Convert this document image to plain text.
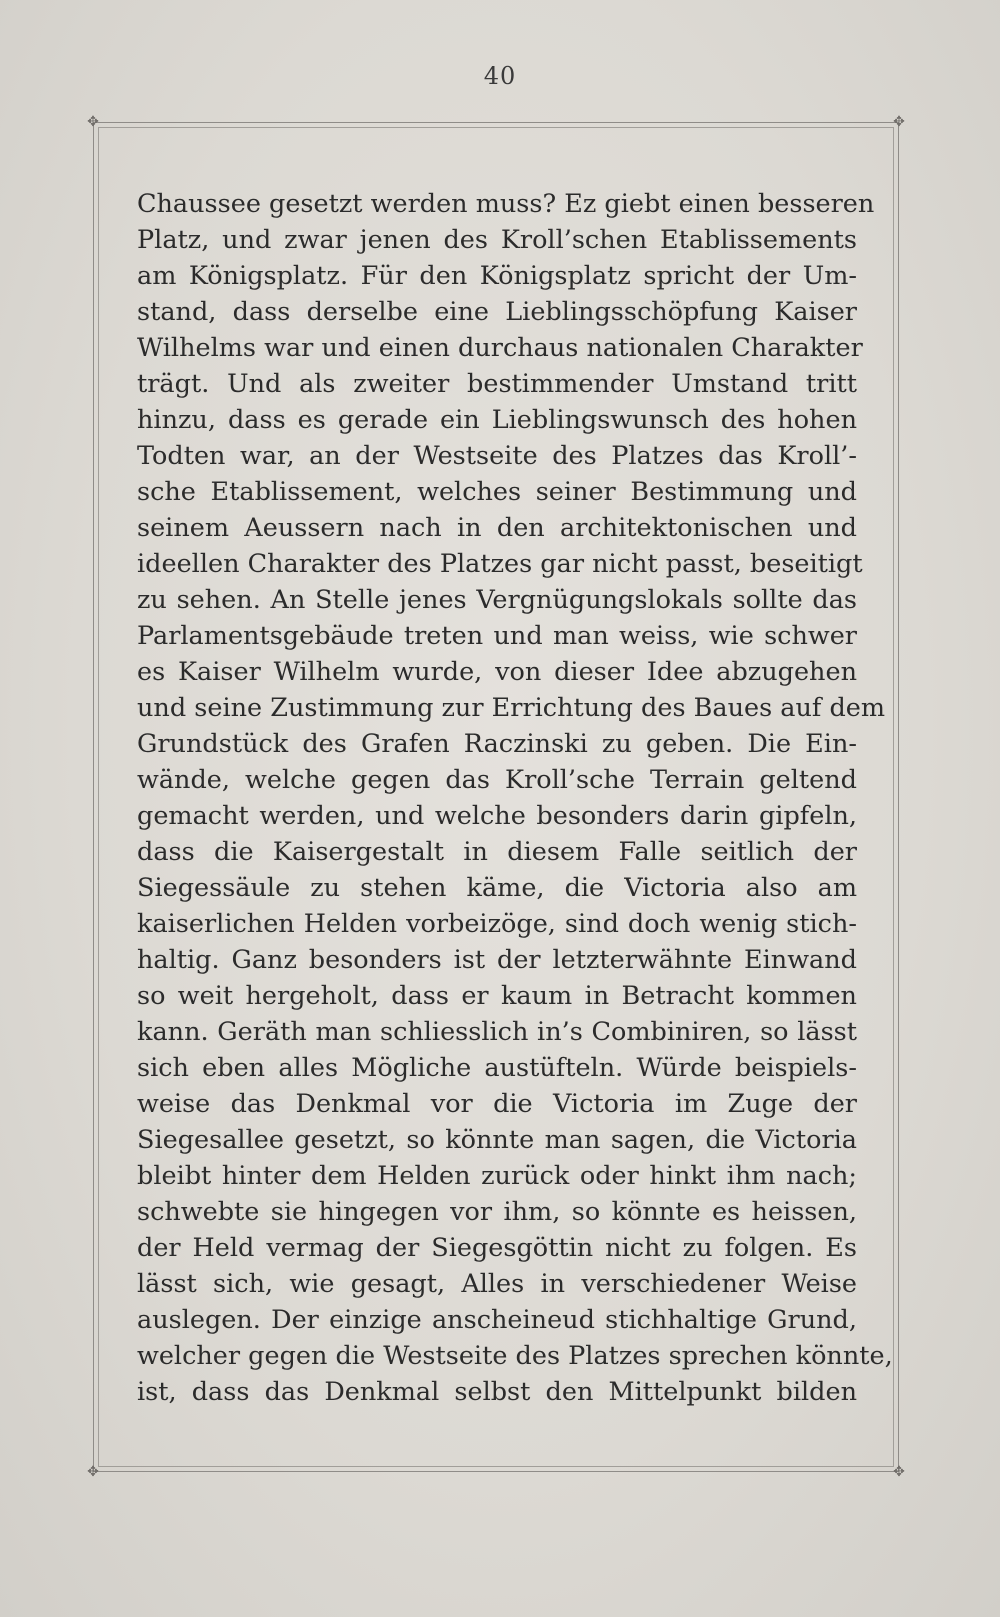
40
✥	✥
✥	✥
Chaussee gesetzt werden muss? Ez giebt einen besseren
Platz, und zwar jenen des Kroll’schen Etablissements
am Königsplatz. Für den Königsplatz spricht der Um-
stand, dass derselbe eine Lieblingsschöpfung Kaiser
Wilhelms war und einen durchaus nationalen Charakter
trägt. Und als zweiter bestimmender Umstand tritt
hinzu, dass es gerade ein Lieblingswunsch des hohen
Todten war, an der Westseite des Platzes das Kroll’-
sche Etablissement, welches seiner Bestimmung und
seinem Aeussern nach in den architektonischen und
ideellen Charakter des Platzes gar nicht passt, beseitigt
zu sehen. An Stelle jenes Vergnügungslokals sollte das
Parlamentsgebäude treten und man weiss, wie schwer
es Kaiser Wilhelm wurde, von dieser Idee abzugehen
und seine Zustimmung zur Errichtung des Baues auf dem
Grundstück des Grafen Raczinski zu geben. Die Ein-
wände, welche gegen das Kroll’sche Terrain geltend
gemacht werden, und welche besonders darin gipfeln,
dass die Kaisergestalt in diesem Falle seitlich der
Siegessäule zu stehen käme, die Victoria also am
kaiserlichen Helden vorbeizöge, sind doch wenig stich-
haltig. Ganz besonders ist der letzterwähnte Einwand
so weit hergeholt, dass er kaum in Betracht kommen
kann. Geräth man schliesslich in’s Combiniren, so lässt
sich eben alles Mögliche austüfteln. Würde beispiels-
weise das Denkmal vor die Victoria im Zuge der
Siegesallee gesetzt, so könnte man sagen, die Victoria
bleibt hinter dem Helden zurück oder hinkt ihm nach;
schwebte sie hingegen vor ihm, so könnte es heissen,
der Held vermag der Siegesgöttin nicht zu folgen. Es
lässt sich, wie gesagt, Alles in verschiedener Weise
auslegen. Der einzige anscheineud stichhaltige Grund,
welcher gegen die Westseite des Platzes sprechen könnte,
ist, dass das Denkmal selbst den Mittelpunkt bilden
